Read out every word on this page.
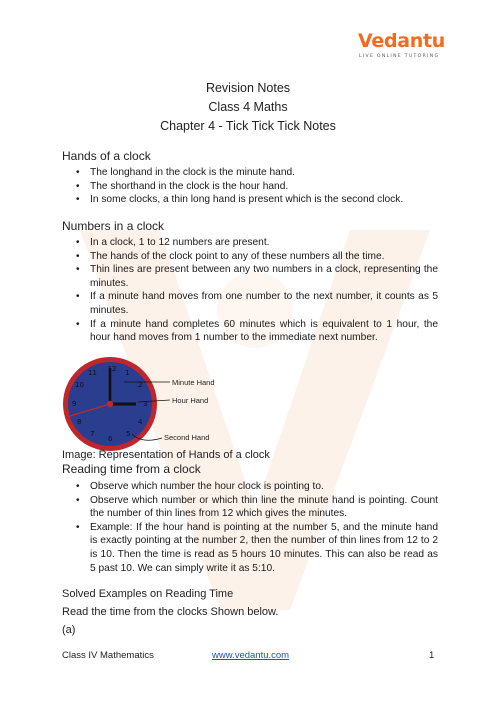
Vedantu
LIVE ONLINE TUTORING
Revision Notes
Class 4 Maths
Chapter 4 - Tick Tick Tick Notes
Hands of a clock
• The longhand in the clock is the minute hand.
• The shorthand in the clock is the hour hand.
• In some clocks, a thin long hand is present which is the second clock.
Numbers in a clock
• In a clock, 1 to 12 numbers are present.
• The hands of the clock point to any of these numbers all the time.
• Thin lines are present between any two numbers in a clock, representing the minutes.
• If a minute hand moves from one number to the next number, it counts as 5 minutes.
• If a minute hand completes 60 minutes which is equivalent to 1 hour, the hour hand moves from 1 number to the immediate next number.
12 1
2
3
4
5
6
7
8
9
10
11
Minute Hand
Hour Hand
Second Hand
Image: Representation of Hands of a clock
Reading time from a clock
• Observe which number the hour clock is pointing to.
• Observe which number or which thin line the minute hand is pointing. Count the number of thin lines from 12 which gives the minutes.
• Example: If the hour hand is pointing at the number 5, and the minute hand is exactly pointing at the number 2, then the number of thin lines from 12 to 2 is 10. Then the time is read as 5 hours 10 minutes. This can also be read as 5 past 10. We can simply write it as 5:10.
Solved Examples on Reading Time
Read the time from the clocks Shown below.
(a)
Class IV Mathematics	www.vedantu.com	1
